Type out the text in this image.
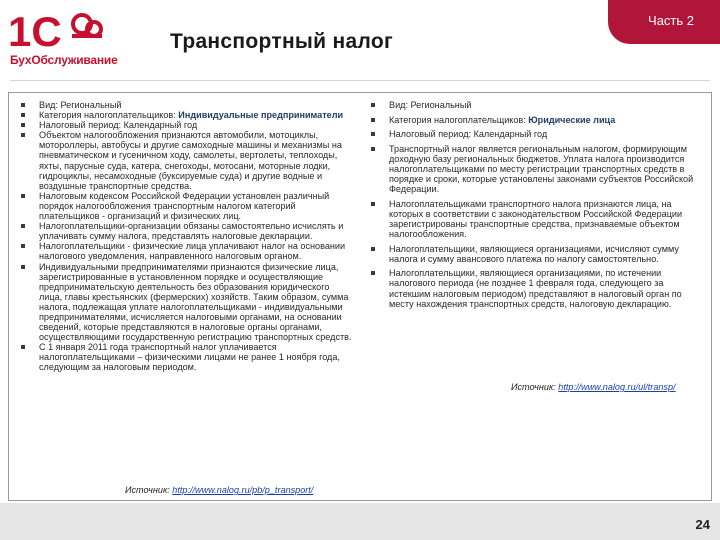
1С
БухОбслуживание
Транспортный налог
Часть 2
Вид: Региональный
Категория налогоплательщиков: Индивидуальные предприниматели
Налоговый период: Календарный год
Объектом налогообложения признаются автомобили, мотоциклы, мотороллеры, автобусы и другие самоходные машины и механизмы на пневматическом и гусеничном ходу, самолеты, вертолеты, теплоходы, яхты, парусные суда, катера, снегоходы, мотосани, моторные лодки, гидроциклы, несамоходные (буксируемые суда) и другие водные и воздушные транспортные средства.
Налоговым кодексом Российской Федерации установлен различный порядок налогообложения транспортным налогом категорий плательщиков - организаций и физических лиц.
Налогоплательщики-организации обязаны самостоятельно исчислять и уплачивать сумму налога, представлять налоговые декларации.
Налогоплательщики - физические лица уплачивают налог на основании налогового уведомления, направленного налоговым органом.
Индивидуальными предпринимателями признаются физические лица, зарегистрированные в установленном порядке и осуществляющие предпринимательскую деятельность без образования юридического лица, главы крестьянских (фермерских) хозяйств. Таким образом, сумма налога, подлежащая уплате налогоплательщиками - индивидуальными предпринимателями, исчисляется налоговыми органами, на основании сведений, которые представляются в налоговые органы органами, осуществляющими государственную регистрацию транспортных средств.
С 1 января 2011 года транспортный налог уплачивается налогоплательщиками – физическими лицами не ранее 1 ноября года, следующим за налоговым периодом.
Источник: http://www.nalog.ru/pb/p_transport/
Вид: Региональный
Категория налогоплательщиков: Юридические лица
Налоговый период: Календарный год
Транспортный налог является региональным налогом, формирующим доходную базу региональных бюджетов. Уплата налога производится налогоплательщиками по месту регистрации транспортных средств в порядке и сроки, которые установлены законами субъектов Российской Федерации.
Налогоплательщиками транспортного налога признаются лица, на которых в соответствии с законодательством Российской Федерации зарегистрированы транспортные средства, признаваемые объектом налогообложения.
Налогоплательщики, являющиеся организациями, исчисляют сумму налога и сумму авансового платежа по налогу самостоятельно.
Налогоплательщики, являющиеся организациями, по истечении налогового периода (не позднее 1 февраля года, следующего за истекшим налоговым периодом) представляют в налоговый орган по месту нахождения транспортных средств, налоговую декларацию.
Источник: http://www.nalog.ru/ul/transp/
24
